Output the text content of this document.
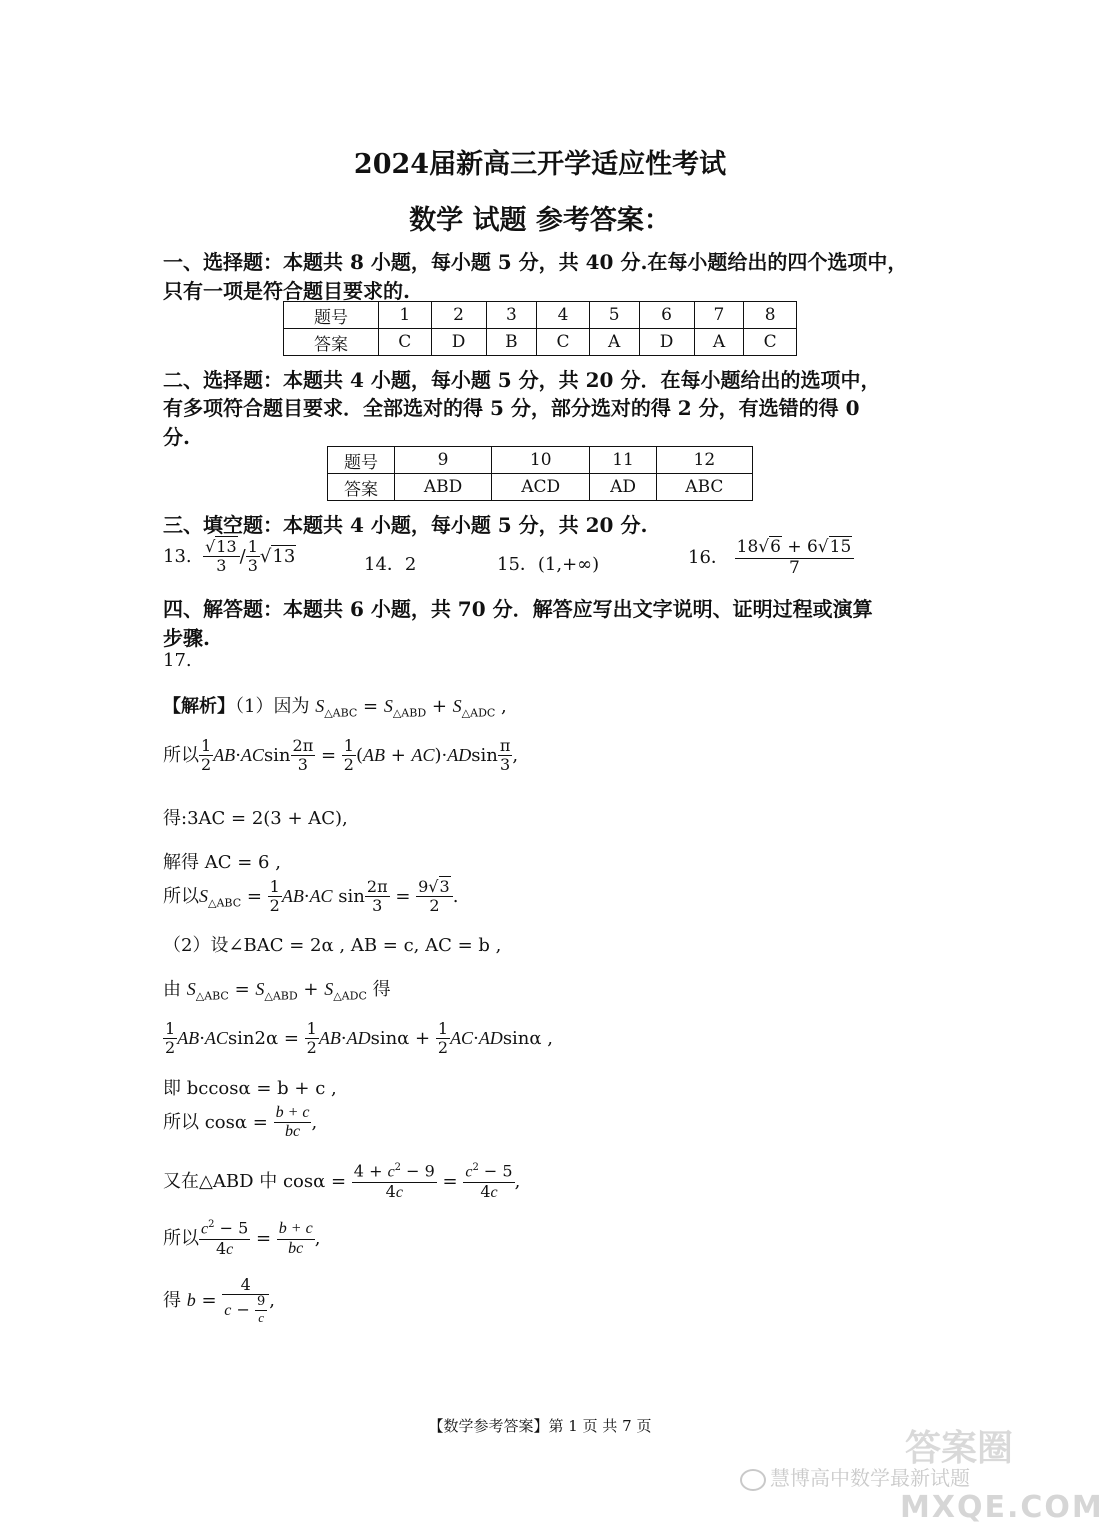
2024届新高三开学适应性考试
数学 试题 参考答案：
一、选择题：本题共 8 小题，每小题 5 分，共 40 分.在每小题给出的四个选项中，
只有一项是符合题目要求的.
题号	1	2	3	4	5	6	7	8
答案	C	D	B	C	A	D	A	C
二、选择题：本题共 4 小题，每小题 5 分，共 20 分．在每小题给出的选项中，
有多项符合题目要求．全部选对的得 5 分，部分选对的得 2 分，有选错的得 0
分.
题号	9	10	11	12
答案	ABD	ACD	AD	ABC
三、填空题：本题共 4 小题，每小题 5 分，共 20 分.
13. $\frac{√13}{3} / \frac{1}{3} √13$	14．2	15．(1,+∞)	16． $\frac{18√6 + 6√15}{7}$
四、解答题：本题共 6 小题，共 70 分．解答应写出文字说明、证明过程或演算
步骤.
17.
【解析】（1）因为 $S_{\triangle ABC} = S_{\triangle ABD} + S_{\triangle ADC}$ ,
所以 $\frac{1}{2} AB\cdot ACsin \frac{2\pi}{3} = \frac{1}{2} (AB + AC)\cdot ADsin \frac{\pi}{3}$ ,
得:3AC = 2(3 + AC),
解得 AC = 6 ,
所以$S_{\triangle ABC} = \frac{1}{2} AB\cdot AC$ $\sin \frac{2\pi}{3} = \frac{9√3}{2}$ .
（2）设∠BAC = 2α , AB = c, AC = b ,
由 $S_{\triangle ABC} = S_{\triangle ABD} + S_{\triangle ADC}$ 得
$\frac{1}{2} AB\cdot ACsin2\alpha = \frac{1}{2} AB\cdot ADsin\alpha + \frac{1}{2} AC\cdot ADsin\alpha$ ,
即 bccosα = b + c ,
所以 $\cos\alpha = \frac{b + c}{bc}$ ,
又在△ABD 中 $\cos\alpha = \frac{4 + c^2 - 9}{4c} = \frac{c^2 - 5}{4c}$ ,
所以 $\frac{c^2 - 5}{4c} = \frac{b + c}{bc}$ ,
得 $b = \frac{4}{c - \frac{9}{c}}$ ,
【数学参考答案】第 1 页 共 7 页
慧博高中数学最新试题
答案圈
MXQE.COM
